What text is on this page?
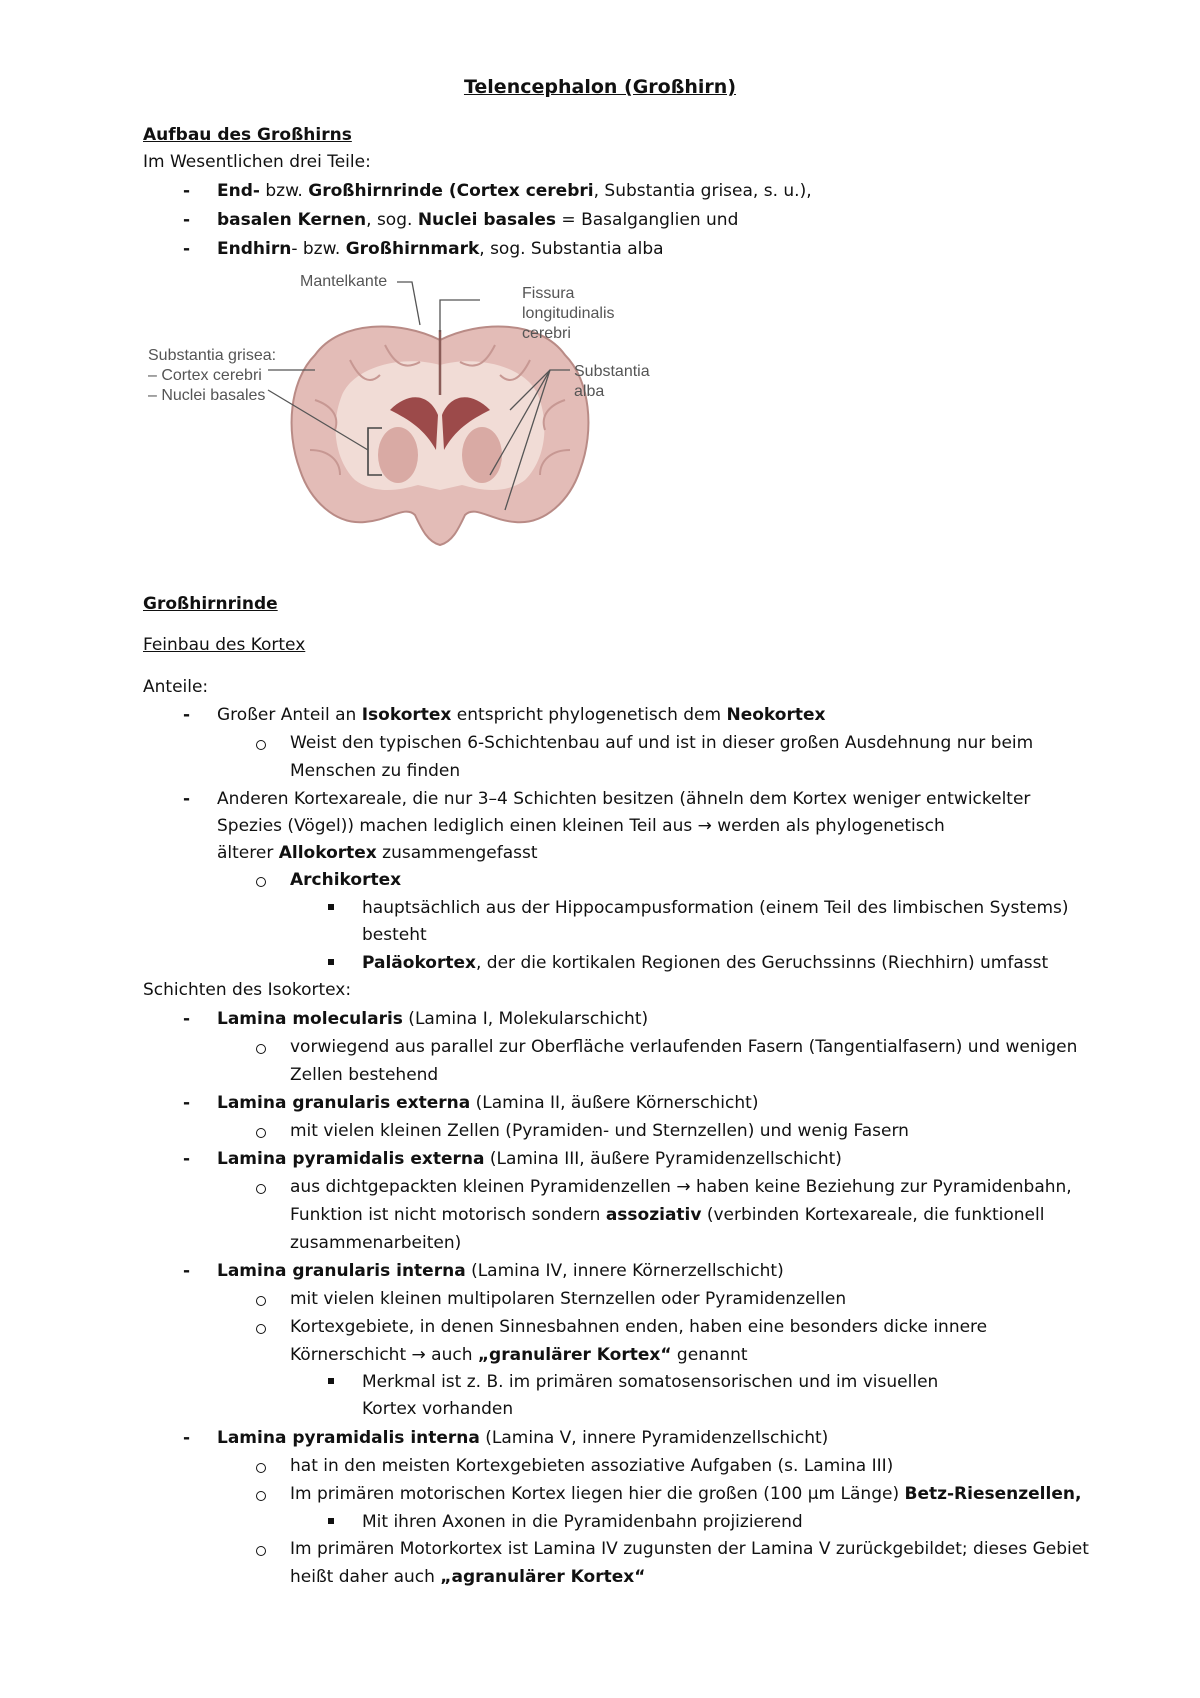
Telencephalon (Großhirn)
Aufbau des Großhirns
Im Wesentlichen drei Teile:
- End- bzw. Großhirnrinde (Cortex cerebri, Substantia grisea, s. u.),
- basalen Kernen, sog. Nuclei basales = Basalganglien und
- Endhirn- bzw. Großhirnmark, sog. Substantia alba
Mantelkante
Fissura
longitudinalis
cerebri
Substantia grisea:
– Cortex cerebri
– Nuclei basales
Substantia
alba
Großhirnrinde
Feinbau des Kortex
Anteile:
- Großer Anteil an Isokortex entspricht phylogenetisch dem Neokortex
Weist den typischen 6-Schichtenbau auf und ist in dieser großen Ausdehnung nur beim
Menschen zu finden
- Anderen Kortexareale, die nur 3–4 Schichten besitzen (ähneln dem Kortex weniger entwickelter
Spezies (Vögel)) machen lediglich einen kleinen Teil aus → werden als phylogenetisch
älterer Allokortex zusammengefasst
Archikortex
hauptsächlich aus der Hippocampusformation (einem Teil des limbischen Systems)
besteht
Paläokortex, der die kortikalen Regionen des Geruchssinns (Riechhirn) umfasst
Schichten des Isokortex:
- Lamina molecularis (Lamina I, Molekularschicht)
vorwiegend aus parallel zur Oberfläche verlaufenden Fasern (Tangentialfasern) und wenigen
Zellen bestehend
- Lamina granularis externa (Lamina II, äußere Körnerschicht)
mit vielen kleinen Zellen (Pyramiden- und Sternzellen) und wenig Fasern
- Lamina pyramidalis externa (Lamina III, äußere Pyramidenzellschicht)
aus dichtgepackten kleinen Pyramidenzellen → haben keine Beziehung zur Pyramidenbahn,
Funktion ist nicht motorisch sondern assoziativ (verbinden Kortexareale, die funktionell
zusammenarbeiten)
- Lamina granularis interna (Lamina IV, innere Körnerzellschicht)
mit vielen kleinen multipolaren Sternzellen oder Pyramidenzellen
Kortexgebiete, in denen Sinnesbahnen enden, haben eine besonders dicke innere
Körnerschicht → auch „granulärer Kortex“ genannt
Merkmal ist z. B. im primären somatosensorischen und im visuellen
Kortex vorhanden
- Lamina pyramidalis interna (Lamina V, innere Pyramidenzellschicht)
hat in den meisten Kortexgebieten assoziative Aufgaben (s. Lamina III)
Im primären motorischen Kortex liegen hier die großen (100 µm Länge) Betz-Riesenzellen,
Mit ihren Axonen in die Pyramidenbahn projizierend
Im primären Motorkortex ist Lamina IV zugunsten der Lamina V zurückgebildet; dieses Gebiet
heißt daher auch „agranulärer Kortex“
